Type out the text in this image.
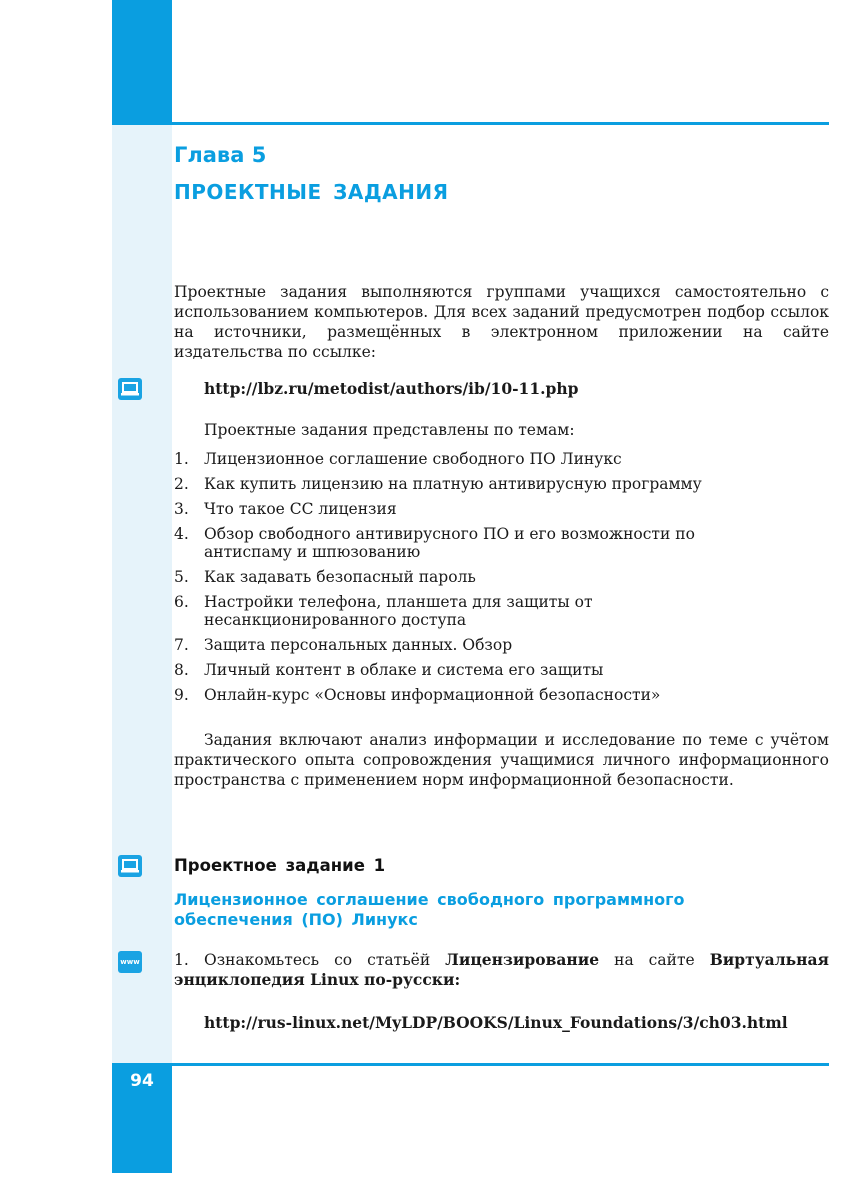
94
Глава 5
ПРОЕКТНЫЕ ЗАДАНИЯ
Проектные задания выполняются группами учащихся самостоятельно с использованием компьютеров. Для всех заданий предусмотрен подбор ссылок на источники, размещённых в электронном приложении на сайте издательства по ссылке:
http://lbz.ru/metodist/authors/ib/10-11.php
Проектные задания представлены по темам:
1. Лицензионное соглашение свободного ПО Линукс
2. Как купить лицензию на платную антивирусную программу
3. Что такое CC лицензия
4. Обзор свободного антивирусного ПО и его возможности по антиспаму и шпюзованию
5. Как задавать безопасный пароль
6. Настройки телефона, планшета для защиты от несанкционированного доступа
7. Защита персональных данных. Обзор
8. Личный контент в облаке и система его защиты
9. Онлайн-курс «Основы информационной безопасности»
Задания включают анализ информации и исследование по теме с учётом практического опыта сопровождения учащимися личного информационного пространства с применением норм информационной безопасности.
Проектное задание 1
Лицензионное соглашение свободного программного обеспечения (ПО) Линукс
www 1. Ознакомьтесь со статьёй Лицензирование на сайте Виртуальная энциклопедия Linux по-русски:
http://rus-linux.net/MyLDP/BOOKS/Linux_Foundations/3/ch03.html
